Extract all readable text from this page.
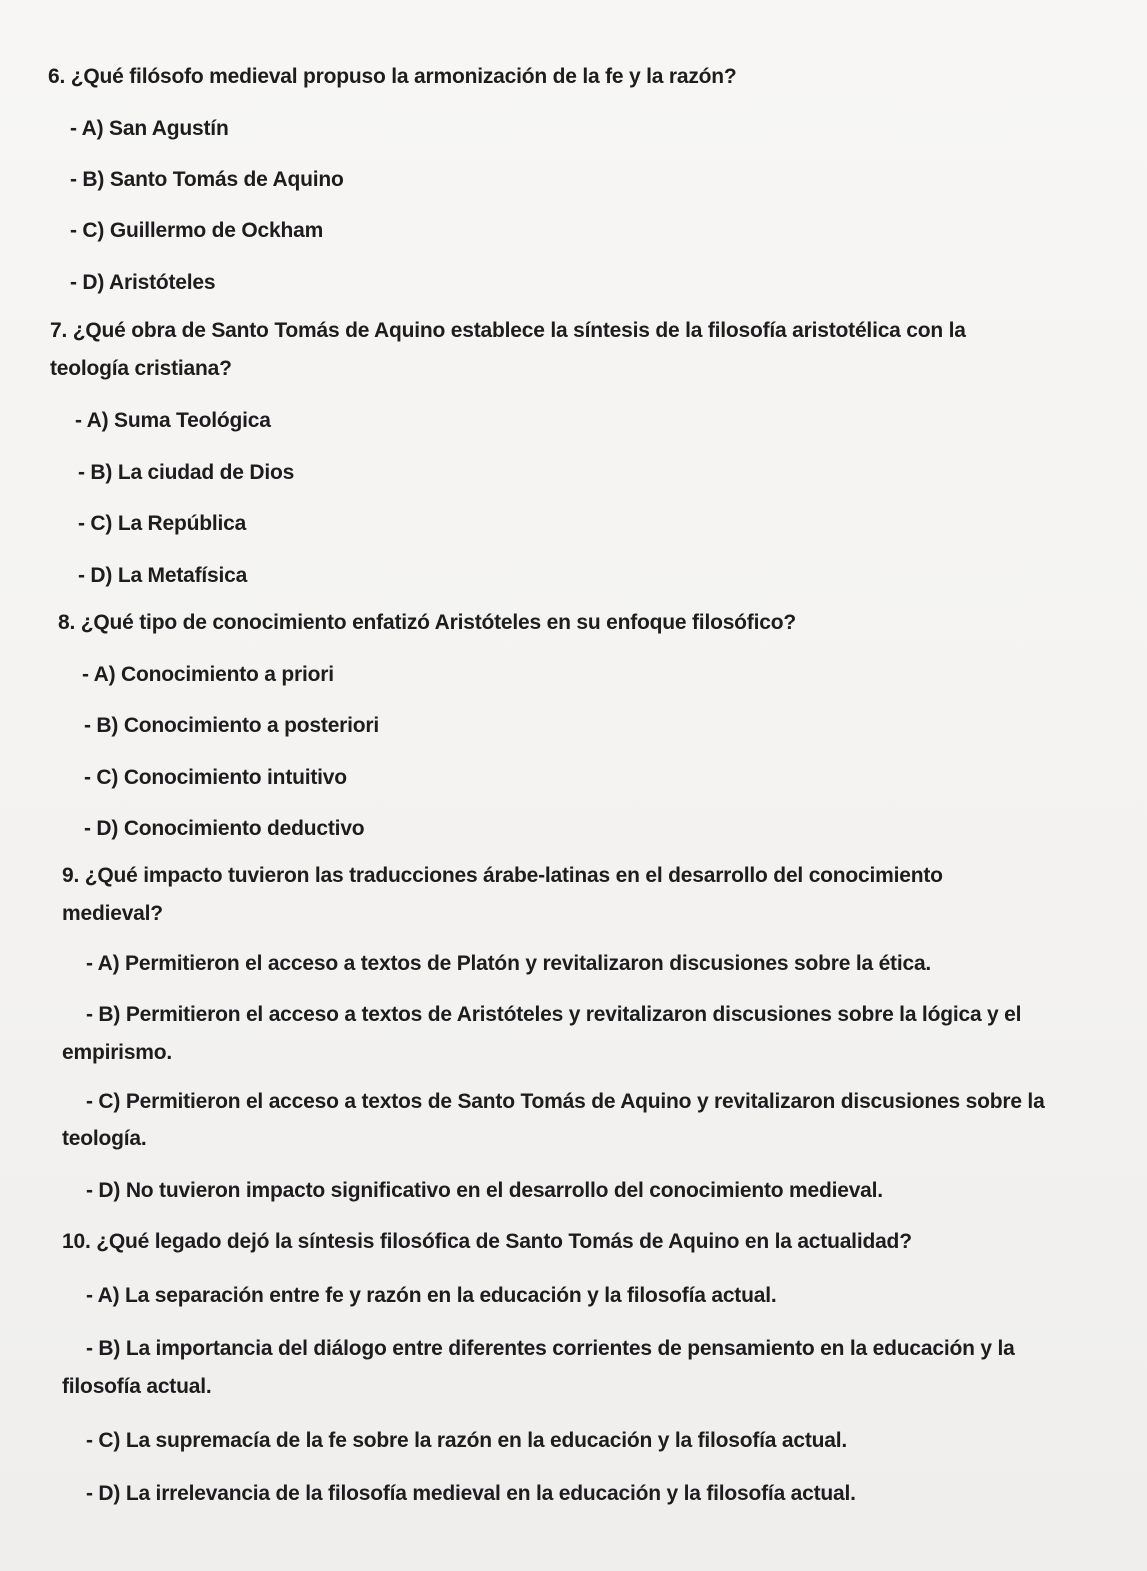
6. ¿Qué filósofo medieval propuso la armonización de la fe y la razón?

- A) San Agustín

- B) Santo Tomás de Aquino

- C) Guillermo de Ockham

- D) Aristóteles

7. ¿Qué obra de Santo Tomás de Aquino establece la síntesis de la filosofía aristotélica con la

teología cristiana?

- A) Suma Teológica

- B) La ciudad de Dios

- C) La República

- D) La Metafísica

8. ¿Qué tipo de conocimiento enfatizó Aristóteles en su enfoque filosófico?

- A) Conocimiento a priori

- B) Conocimiento a posteriori

- C) Conocimiento intuitivo

- D) Conocimiento deductivo

9. ¿Qué impacto tuvieron las traducciones árabe-latinas en el desarrollo del conocimiento

medieval?

- A) Permitieron el acceso a textos de Platón y revitalizaron discusiones sobre la ética.

- B) Permitieron el acceso a textos de Aristóteles y revitalizaron discusiones sobre la lógica y el

empirismo.

- C) Permitieron el acceso a textos de Santo Tomás de Aquino y revitalizaron discusiones sobre la

teología.

- D) No tuvieron impacto significativo en el desarrollo del conocimiento medieval.

10. ¿Qué legado dejó la síntesis filosófica de Santo Tomás de Aquino en la actualidad?

- A) La separación entre fe y razón en la educación y la filosofía actual.

- B) La importancia del diálogo entre diferentes corrientes de pensamiento en la educación y la

filosofía actual.

- C) La supremacía de la fe sobre la razón en la educación y la filosofía actual.

- D) La irrelevancia de la filosofía medieval en la educación y la filosofía actual.
